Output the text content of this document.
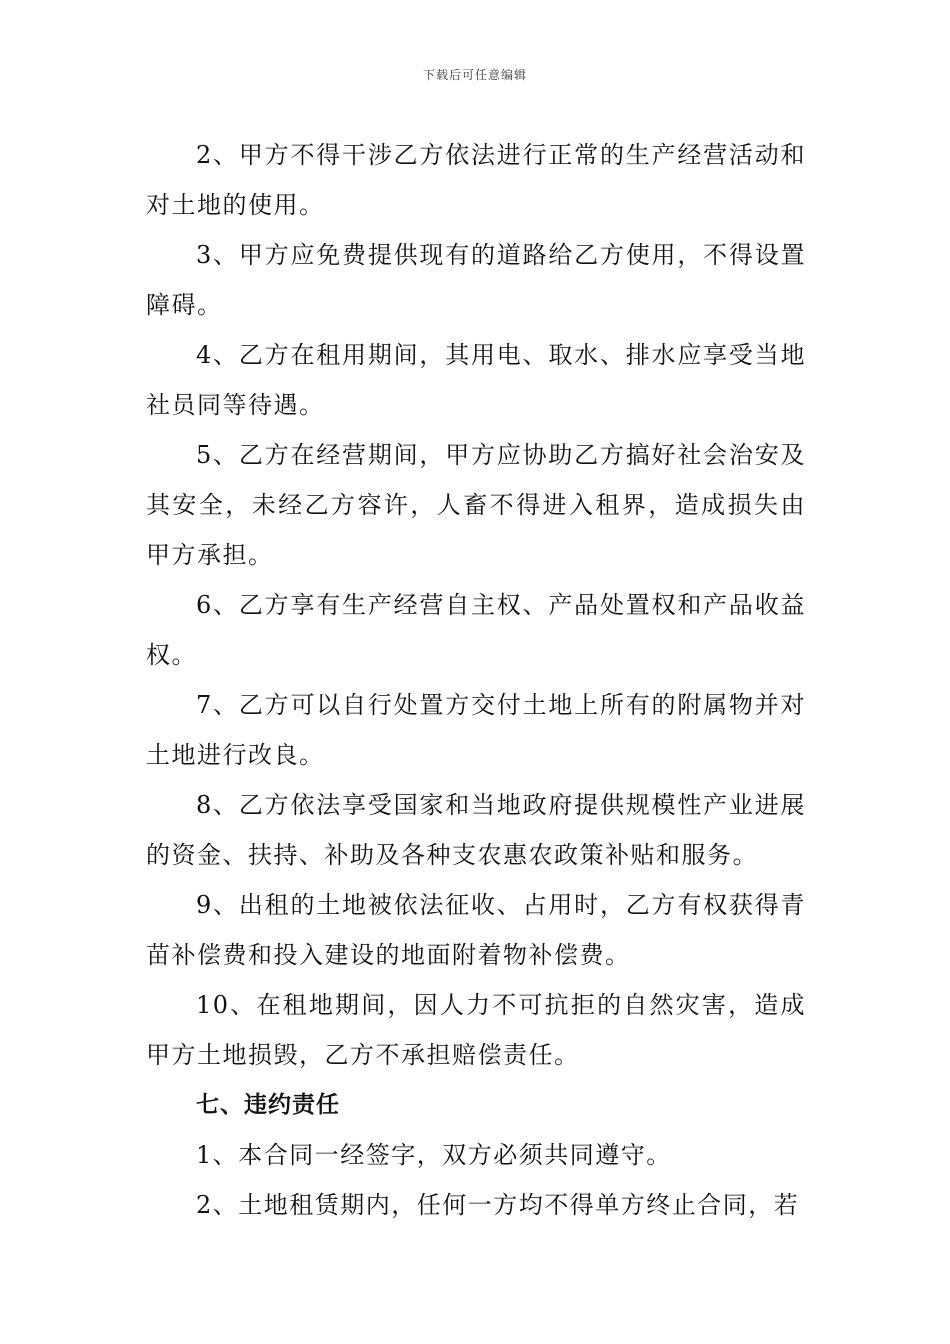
下载后可任意编辑

2、甲方不得干涉乙方依法进行正常的生产经营活动和对土地的使用。

3、甲方应免费提供现有的道路给乙方使用，不得设置障碍。

4、乙方在租用期间，其用电、取水、排水应享受当地社员同等待遇。

5、乙方在经营期间，甲方应协助乙方搞好社会治安及其安全，未经乙方容许，人畜不得进入租界，造成损失由甲方承担。

6、乙方享有生产经营自主权、产品处置权和产品收益权。

7、乙方可以自行处置方交付土地上所有的附属物并对土地进行改良。

8、乙方依法享受国家和当地政府提供规模性产业进展的资金、扶持、补助及各种支农惠农政策补贴和服务。

9、出租的土地被依法征收、占用时，乙方有权获得青苗补偿费和投入建设的地面附着物补偿费。

10、在租地期间，因人力不可抗拒的自然灾害，造成甲方土地损毁，乙方不承担赔偿责任。

七、违约责任

1、本合同一经签字，双方必须共同遵守。

2、土地租赁期内，任何一方均不得单方终止合同，若
